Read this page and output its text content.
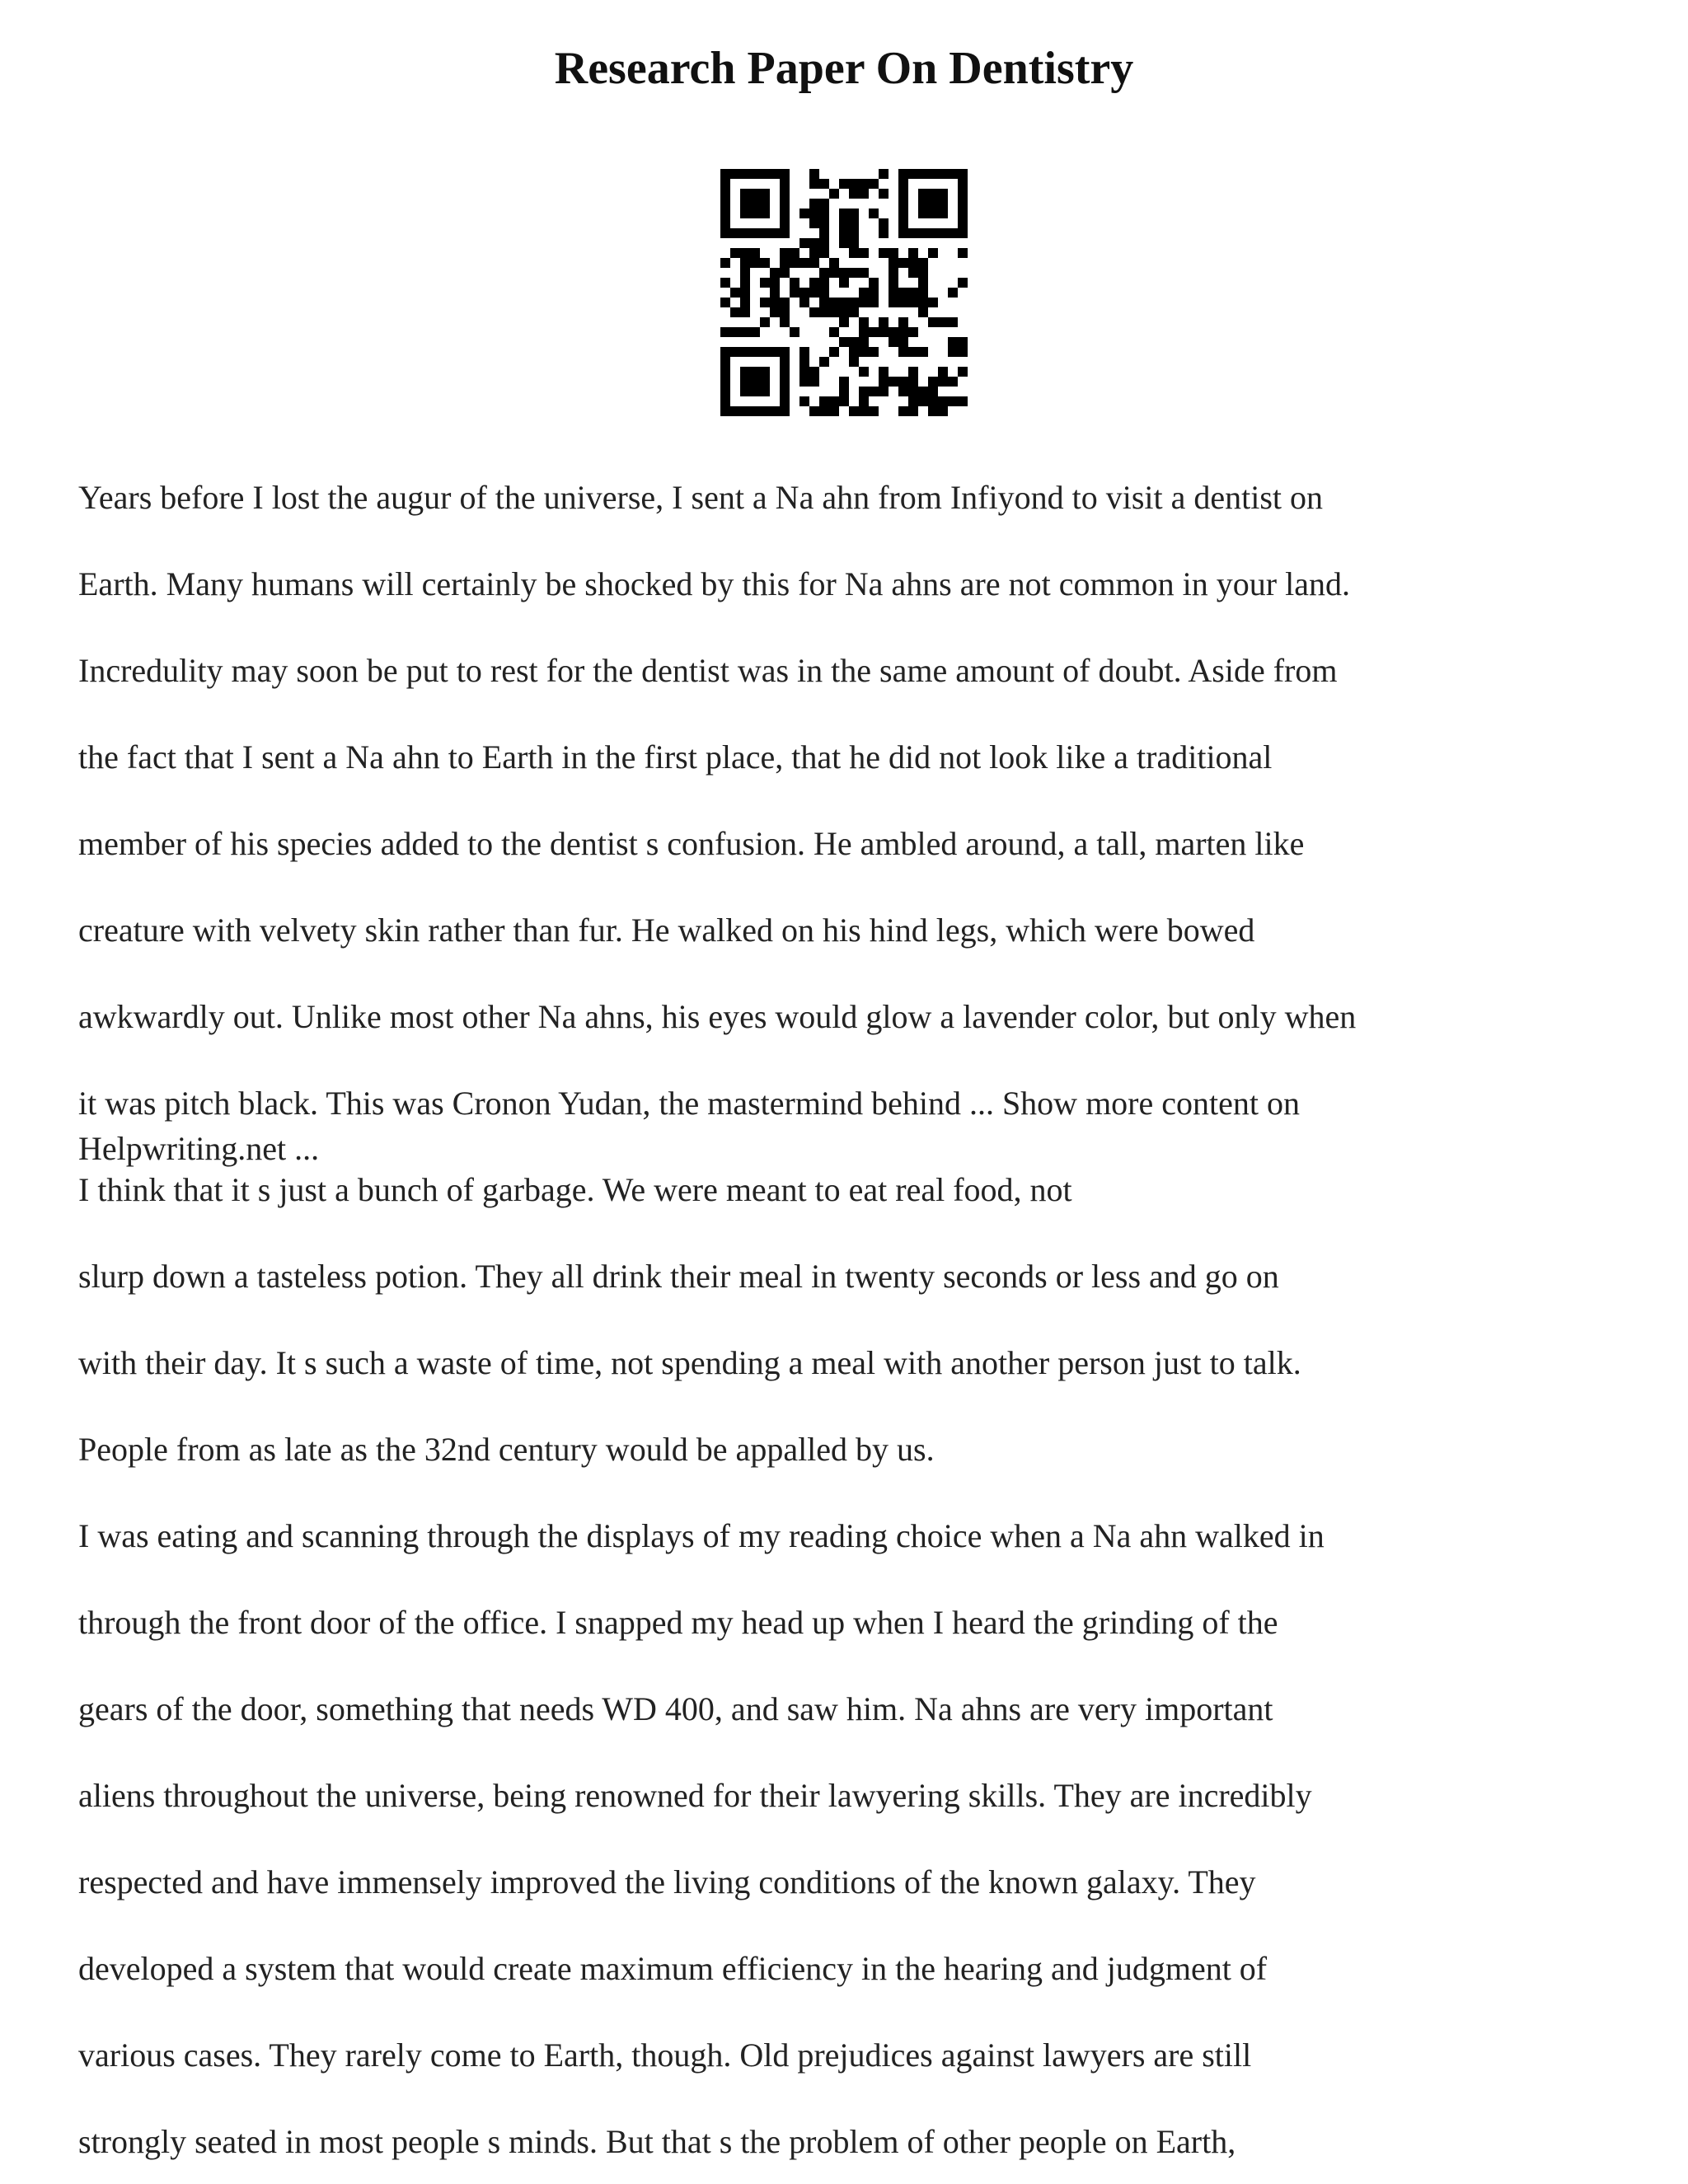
Research Paper On Dentistry

Years before I lost the augur of the universe, I sent a Na ahn from Infiyond to visit a dentist on

Earth. Many humans will certainly be shocked by this for Na ahns are not common in your land.

Incredulity may soon be put to rest for the dentist was in the same amount of doubt. Aside from

the fact that I sent a Na ahn to Earth in the first place, that he did not look like a traditional

member of his species added to the dentist s confusion. He ambled around, a tall, marten like

creature with velvety skin rather than fur. He walked on his hind legs, which were bowed

awkwardly out. Unlike most other Na ahns, his eyes would glow a lavender color, but only when

it was pitch black. This was Cronon Yudan, the mastermind behind ... Show more content on

Helpwriting.net ...

I think that it s just a bunch of garbage. We were meant to eat real food, not

slurp down a tasteless potion. They all drink their meal in twenty seconds or less and go on

with their day. It s such a waste of time, not spending a meal with another person just to talk.

People from as late as the 32nd century would be appalled by us.

I was eating and scanning through the displays of my reading choice when a Na ahn walked in

through the front door of the office. I snapped my head up when I heard the grinding of the

gears of the door, something that needs WD 400, and saw him. Na ahns are very important

aliens throughout the universe, being renowned for their lawyering skills. They are incredibly

respected and have immensely improved the living conditions of the known galaxy. They

developed a system that would create maximum efficiency in the hearing and judgment of

various cases. They rarely come to Earth, though. Old prejudices against lawyers are still

strongly seated in most people s minds. But that s the problem of other people on Earth,
